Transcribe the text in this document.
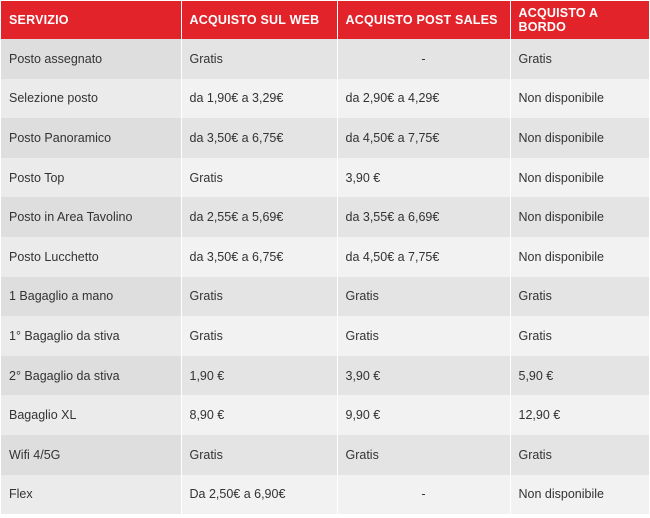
SERVIZIO	ACQUISTO SUL WEB	ACQUISTO POST SALES	ACQUISTO A BORDO
Posto assegnato	Gratis	-	Gratis
Selezione posto	da 1,90€ a 3,29€	da 2,90€ a 4,29€	Non disponibile
Posto Panoramico	da 3,50€ a 6,75€	da 4,50€ a 7,75€	Non disponibile
Posto Top	Gratis	3,90 €	Non disponibile
Posto in Area Tavolino	da 2,55€ a 5,69€	da 3,55€ a 6,69€	Non disponibile
Posto Lucchetto	da 3,50€ a 6,75€	da 4,50€ a 7,75€	Non disponibile
1 Bagaglio a mano	Gratis	Gratis	Gratis
1° Bagaglio da stiva	Gratis	Gratis	Gratis
2° Bagaglio da stiva	1,90 €	3,90 €	5,90 €
Bagaglio XL	8,90 €	9,90 €	12,90 €
Wifi 4/5G	Gratis	Gratis	Gratis
Flex	Da 2,50€ a 6,90€	-	Non disponibile
